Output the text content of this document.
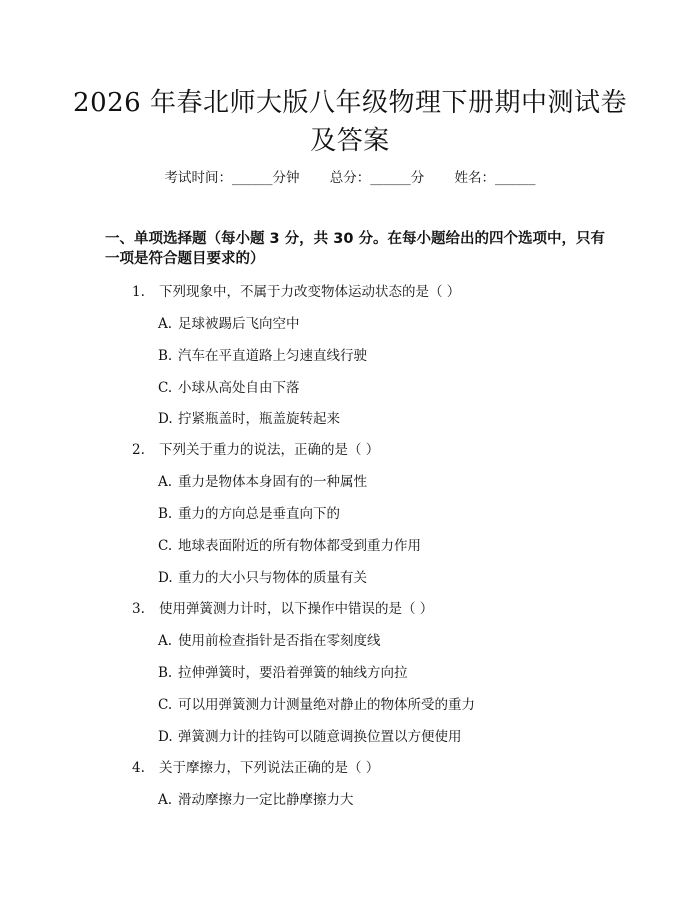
2026 年春北师大版八年级物理下册期中测试卷及答案
考试时间：______分钟 总分：______分 姓名：______
一、单项选择题（每小题 3 分，共 30 分。在每小题给出的四个选项中，只有一项是符合题目要求的）
1. 下列现象中，不属于力改变物体运动状态的是（ ）
A. 足球被踢后飞向空中
B. 汽车在平直道路上匀速直线行驶
C. 小球从高处自由下落
D. 拧紧瓶盖时，瓶盖旋转起来
2. 下列关于重力的说法，正确的是（ ）
A. 重力是物体本身固有的一种属性
B. 重力的方向总是垂直向下的
C. 地球表面附近的所有物体都受到重力作用
D. 重力的大小只与物体的质量有关
3. 使用弹簧测力计时，以下操作中错误的是（ ）
A. 使用前检查指针是否指在零刻度线
B. 拉伸弹簧时，要沿着弹簧的轴线方向拉
C. 可以用弹簧测力计测量绝对静止的物体所受的重力
D. 弹簧测力计的挂钩可以随意调换位置以方便使用
4. 关于摩擦力，下列说法正确的是（ ）
A. 滑动摩擦力一定比静摩擦力大
